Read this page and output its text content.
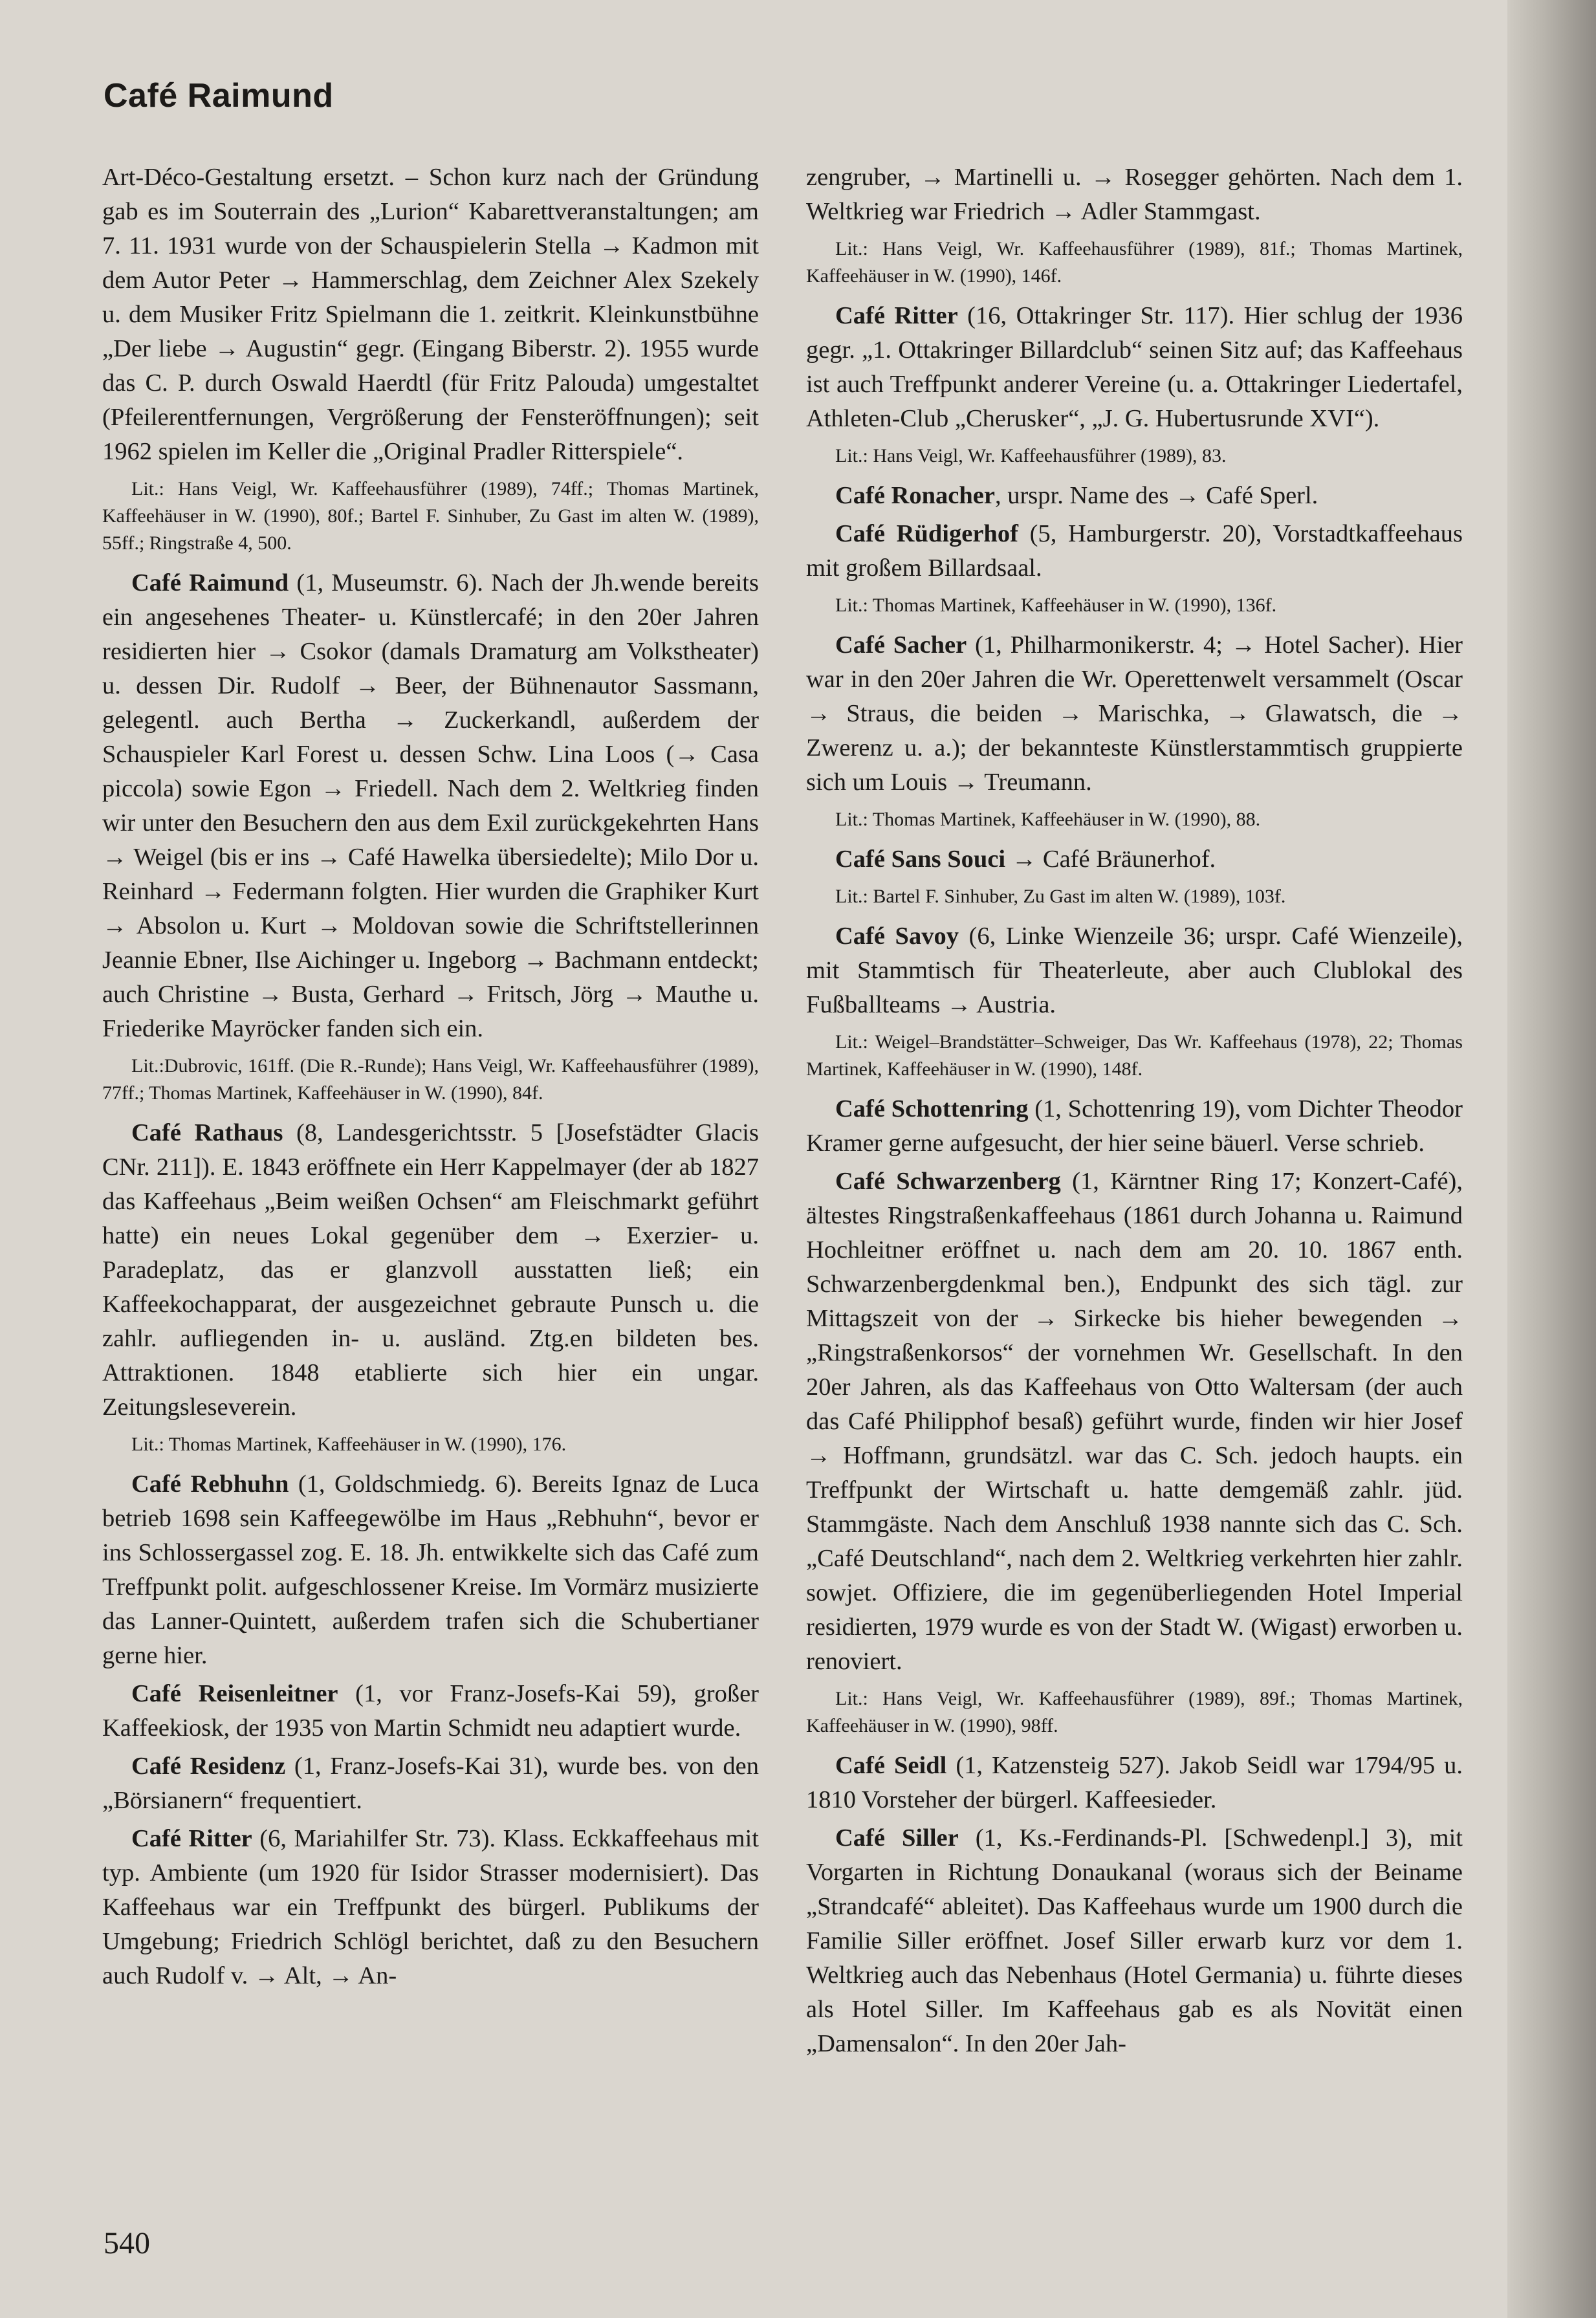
Café Raimund

Art-Déco-Gestaltung ersetzt. – Schon kurz nach der Gründung gab es im Souterrain des „Lurion“ Kabarettveranstaltungen; am 7. 11. 1931 wurde von der Schauspielerin Stella → Kadmon mit dem Autor Peter → Hammerschlag, dem Zeichner Alex Szekely u. dem Musiker Fritz Spielmann die 1. zeitkrit. Kleinkunstbühne „Der liebe → Augustin“ gegr. (Eingang Biberstr. 2). 1955 wurde das C. P. durch Oswald Haerdtl (für Fritz Palouda) umgestaltet (Pfeilerentfernungen, Vergrößerung der Fensteröffnungen); seit 1962 spielen im Keller die „Original Pradler Ritterspiele“.

Lit.: Hans Veigl, Wr. Kaffeehausführer (1989), 74ff.; Thomas Martinek, Kaffeehäuser in W. (1990), 80f.; Bartel F. Sinhuber, Zu Gast im alten W. (1989), 55ff.; Ringstraße 4, 500.

Café Raimund (1, Museumstr. 6). Nach der Jh.wende bereits ein angesehenes Theater- u. Künstlercafé; in den 20er Jahren residierten hier → Csokor (damals Dramaturg am Volkstheater) u. dessen Dir. Rudolf → Beer, der Bühnenautor Sassmann, gelegentl. auch Bertha → Zuckerkandl, außerdem der Schauspieler Karl Forest u. dessen Schw. Lina Loos (→ Casa piccola) sowie Egon → Friedell. Nach dem 2. Weltkrieg finden wir unter den Besuchern den aus dem Exil zurückgekehrten Hans → Weigel (bis er ins → Café Hawelka übersiedelte); Milo Dor u. Reinhard → Federmann folgten. Hier wurden die Graphiker Kurt → Absolon u. Kurt → Moldovan sowie die Schriftstellerinnen Jeannie Ebner, Ilse Aichinger u. Ingeborg → Bachmann entdeckt; auch Christine → Busta, Gerhard → Fritsch, Jörg → Mauthe u. Friederike Mayröcker fanden sich ein.

Lit.:Dubrovic, 161ff. (Die R.-Runde); Hans Veigl, Wr. Kaffeehausführer (1989), 77ff.; Thomas Martinek, Kaffeehäuser in W. (1990), 84f.

Café Rathaus (8, Landesgerichtsstr. 5 [Josefstädter Glacis CNr. 211]). E. 1843 eröffnete ein Herr Kappelmayer (der ab 1827 das Kaffeehaus „Beim weißen Ochsen“ am Fleischmarkt geführt hatte) ein neues Lokal gegenüber dem → Exerzier- u. Paradeplatz, das er glanzvoll ausstatten ließ; ein Kaffeekochapparat, der ausgezeichnet gebraute Punsch u. die zahlr. aufliegenden in- u. ausländ. Ztg.en bildeten bes. Attraktionen. 1848 etablierte sich hier ein ungar. Zeitungsleseverein.

Lit.: Thomas Martinek, Kaffeehäuser in W. (1990), 176.

Café Rebhuhn (1, Goldschmiedg. 6). Bereits Ignaz de Luca betrieb 1698 sein Kaffeegewölbe im Haus „Rebhuhn“, bevor er ins Schlossergassel zog. E. 18. Jh. entwikkelte sich das Café zum Treffpunkt polit. aufgeschlossener Kreise. Im Vormärz musizierte das Lanner-Quintett, außerdem trafen sich die Schubertianer gerne hier.

Café Reisenleitner (1, vor Franz-Josefs-Kai 59), großer Kaffeekiosk, der 1935 von Martin Schmidt neu adaptiert wurde.

Café Residenz (1, Franz-Josefs-Kai 31), wurde bes. von den „Börsianern“ frequentiert.

Café Ritter (6, Mariahilfer Str. 73). Klass. Eckkaffeehaus mit typ. Ambiente (um 1920 für Isidor Strasser modernisiert). Das Kaffeehaus war ein Treffpunkt des bürgerl. Publikums der Umgebung; Friedrich Schlögl berichtet, daß zu den Besuchern auch Rudolf v. → Alt, → An-

zengruber, → Martinelli u. → Rosegger gehörten. Nach dem 1. Weltkrieg war Friedrich → Adler Stammgast.

Lit.: Hans Veigl, Wr. Kaffeehausführer (1989), 81f.; Thomas Martinek, Kaffeehäuser in W. (1990), 146f.

Café Ritter (16, Ottakringer Str. 117). Hier schlug der 1936 gegr. „1. Ottakringer Billardclub“ seinen Sitz auf; das Kaffeehaus ist auch Treffpunkt anderer Vereine (u. a. Ottakringer Liedertafel, Athleten-Club „Cherusker“, „J. G. Hubertusrunde XVI“).

Lit.: Hans Veigl, Wr. Kaffeehausführer (1989), 83.

Café Ronacher, urspr. Name des → Café Sperl.

Café Rüdigerhof (5, Hamburgerstr. 20), Vorstadtkaffeehaus mit großem Billardsaal.

Lit.: Thomas Martinek, Kaffeehäuser in W. (1990), 136f.

Café Sacher (1, Philharmonikerstr. 4; → Hotel Sacher). Hier war in den 20er Jahren die Wr. Operettenwelt versammelt (Oscar → Straus, die beiden → Marischka, → Glawatsch, die → Zwerenz u. a.); der bekannteste Künstlerstammtisch gruppierte sich um Louis → Treumann.

Lit.: Thomas Martinek, Kaffeehäuser in W. (1990), 88.

Café Sans Souci → Café Bräunerhof.

Lit.: Bartel F. Sinhuber, Zu Gast im alten W. (1989), 103f.

Café Savoy (6, Linke Wienzeile 36; urspr. Café Wienzeile), mit Stammtisch für Theaterleute, aber auch Clublokal des Fußballteams → Austria.

Lit.: Weigel–Brandstätter–Schweiger, Das Wr. Kaffeehaus (1978), 22; Thomas Martinek, Kaffeehäuser in W. (1990), 148f.

Café Schottenring (1, Schottenring 19), vom Dichter Theodor Kramer gerne aufgesucht, der hier seine bäuerl. Verse schrieb.

Café Schwarzenberg (1, Kärntner Ring 17; Konzert-Café), ältestes Ringstraßenkaffeehaus (1861 durch Johanna u. Raimund Hochleitner eröffnet u. nach dem am 20. 10. 1867 enth. Schwarzenbergdenkmal ben.), Endpunkt des sich tägl. zur Mittagszeit von der → Sirkecke bis hieher bewegenden → „Ringstraßenkorsos“ der vornehmen Wr. Gesellschaft. In den 20er Jahren, als das Kaffeehaus von Otto Waltersam (der auch das Café Philipphof besaß) geführt wurde, finden wir hier Josef → Hoffmann, grundsätzl. war das C. Sch. jedoch haupts. ein Treffpunkt der Wirtschaft u. hatte demgemäß zahlr. jüd. Stammgäste. Nach dem Anschluß 1938 nannte sich das C. Sch. „Café Deutschland“, nach dem 2. Weltkrieg verkehrten hier zahlr. sowjet. Offiziere, die im gegenüberliegenden Hotel Imperial residierten, 1979 wurde es von der Stadt W. (Wigast) erworben u. renoviert.

Lit.: Hans Veigl, Wr. Kaffeehausführer (1989), 89f.; Thomas Martinek, Kaffeehäuser in W. (1990), 98ff.

Café Seidl (1, Katzensteig 527). Jakob Seidl war 1794/95 u. 1810 Vorsteher der bürgerl. Kaffeesieder.

Café Siller (1, Ks.-Ferdinands-Pl. [Schwedenpl.] 3), mit Vorgarten in Richtung Donaukanal (woraus sich der Beiname „Strandcafé“ ableitet). Das Kaffeehaus wurde um 1900 durch die Familie Siller eröffnet. Josef Siller erwarb kurz vor dem 1. Weltkrieg auch das Nebenhaus (Hotel Germania) u. führte dieses als Hotel Siller. Im Kaffeehaus gab es als Novität einen „Damensalon“. In den 20er Jah-

540
